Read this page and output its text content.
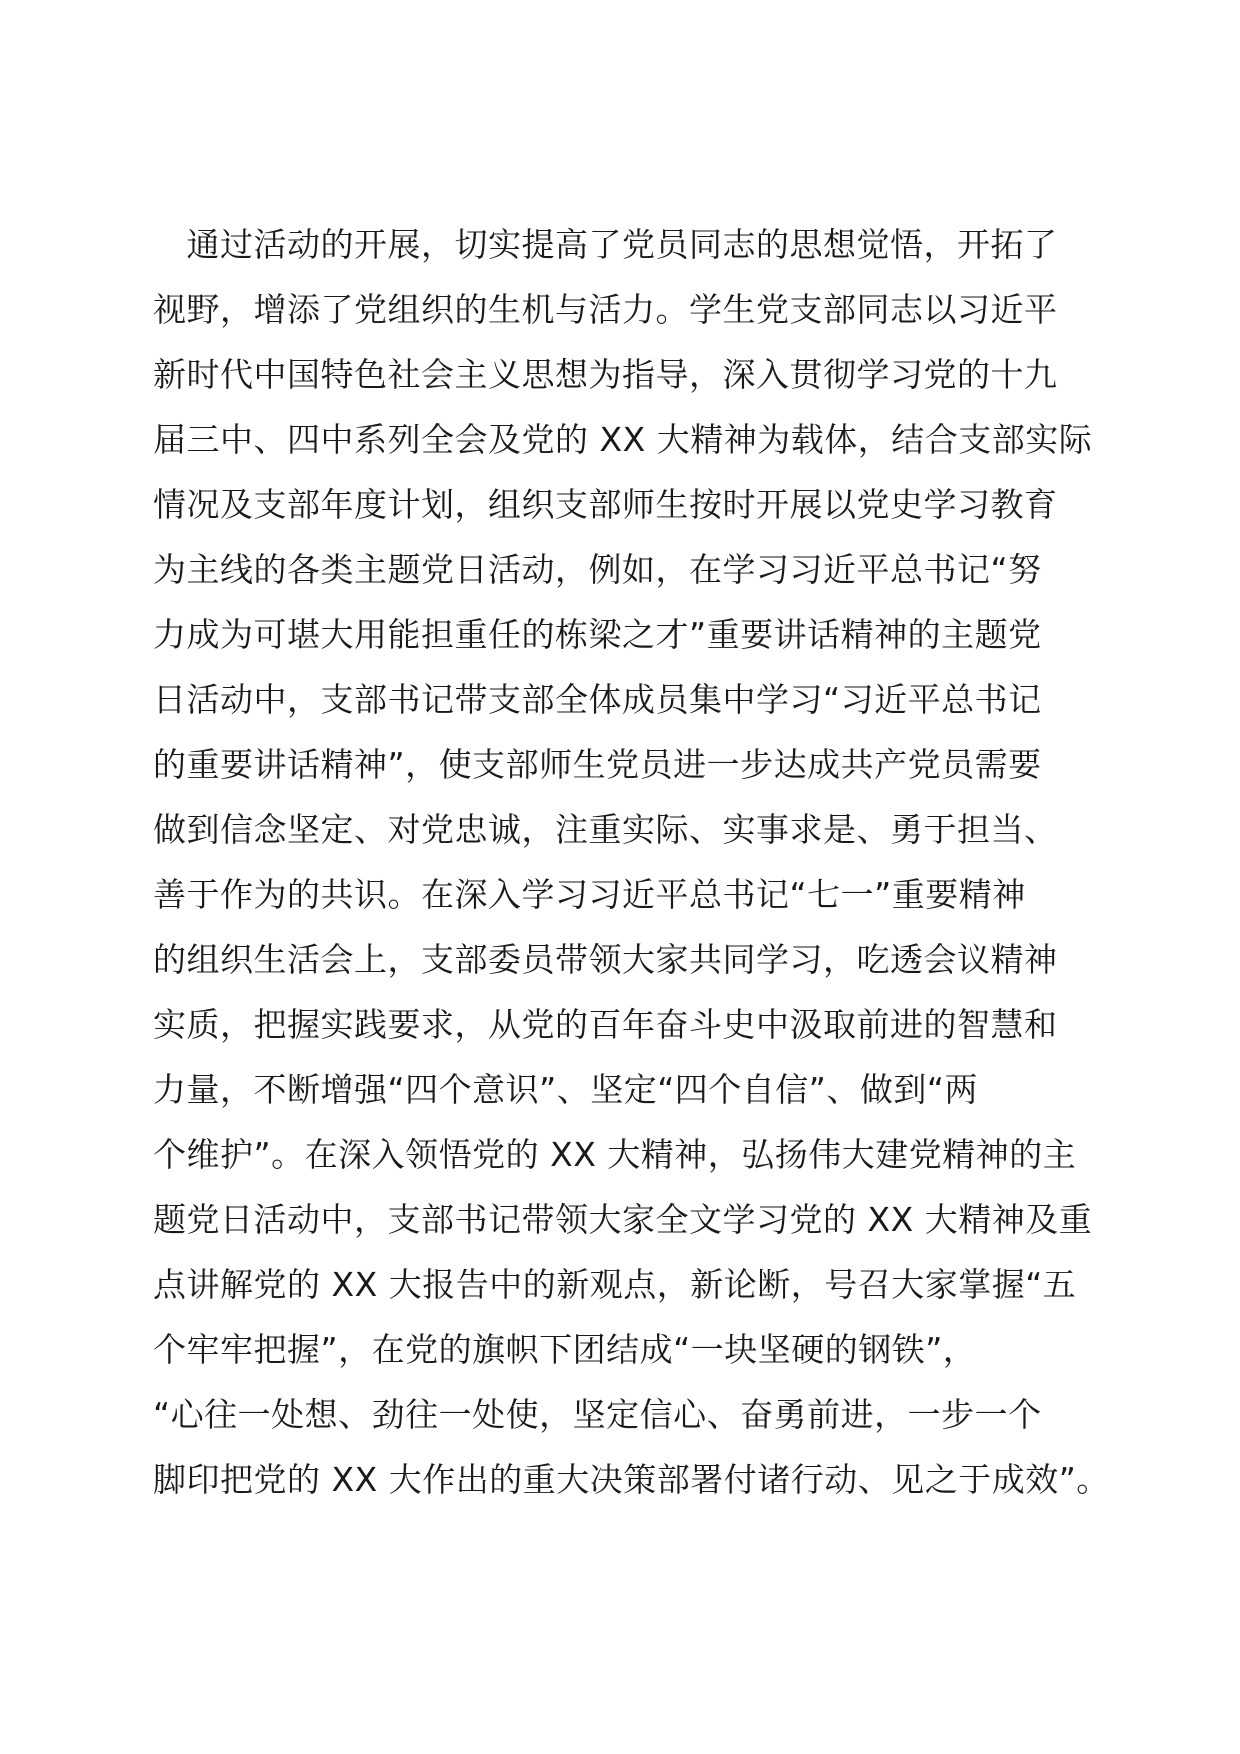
　通过活动的开展，切实提高了党员同志的思想觉悟，开拓了
视野，增添了党组织的生机与活力。学生党支部同志以习近平
新时代中国特色社会主义思想为指导，深入贯彻学习党的十九
届三中、四中系列全会及党的 XX 大精神为载体，结合支部实际
情况及支部年度计划，组织支部师生按时开展以党史学习教育
为主线的各类主题党日活动，例如，在学习习近平总书记“努
力成为可堪大用能担重任的栋梁之才”重要讲话精神的主题党
日活动中，支部书记带支部全体成员集中学习“习近平总书记
的重要讲话精神”，使支部师生党员进一步达成共产党员需要
做到信念坚定、对党忠诚，注重实际、实事求是、勇于担当、
善于作为的共识。在深入学习习近平总书记“七一”重要精神
的组织生活会上，支部委员带领大家共同学习，吃透会议精神
实质，把握实践要求，从党的百年奋斗史中汲取前进的智慧和
力量，不断增强“四个意识”、坚定“四个自信”、做到“两
个维护”。在深入领悟党的 XX 大精神，弘扬伟大建党精神的主
题党日活动中，支部书记带领大家全文学习党的 XX 大精神及重
点讲解党的 XX 大报告中的新观点，新论断，号召大家掌握“五
个牢牢把握”，在党的旗帜下团结成“一块坚硬的钢铁”，
“心往一处想、劲往一处使，坚定信心、奋勇前进，一步一个
脚印把党的 XX 大作出的重大决策部署付诸行动、见之于成效”。
